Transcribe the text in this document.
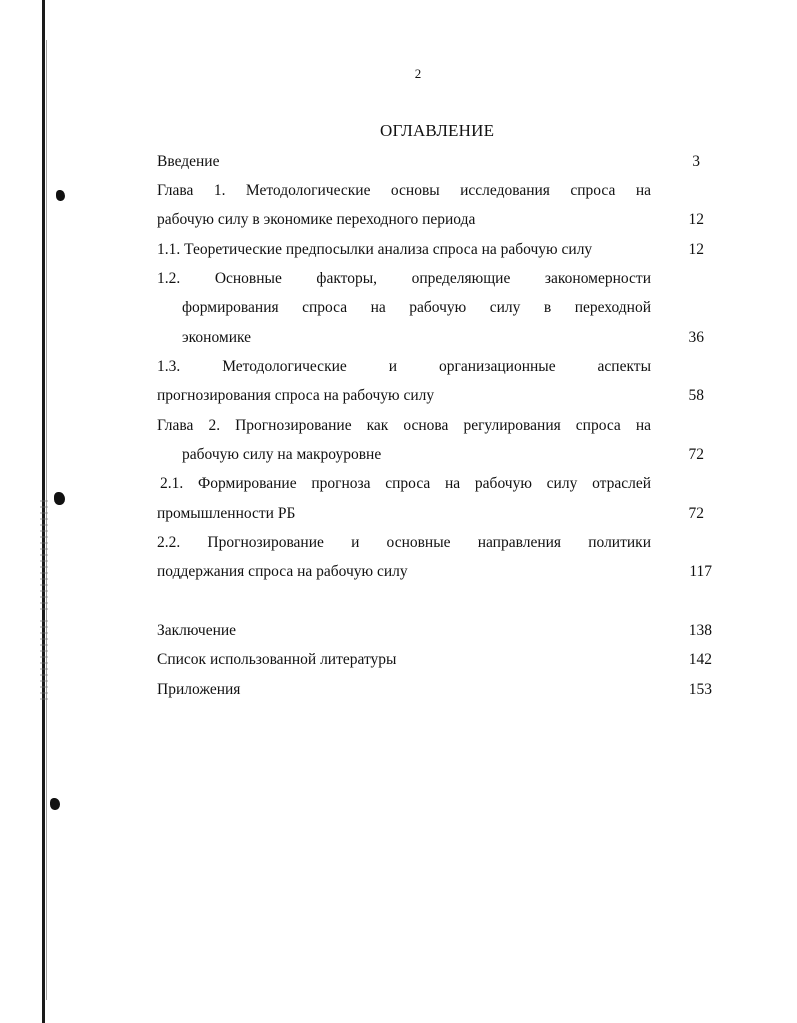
2
ОГЛАВЛЕНИЕ
Введение	3
Глава 1. Методологические основы исследования спроса на
рабочую силу в экономике переходного периода	12
1.1. Теоретические предпосылки анализа спроса на рабочую силу	12
1.2. Основные факторы, определяющие закономерности
формирования спроса на рабочую силу в переходной
экономике	36
1.3. Методологические и организационные аспекты
прогнозирования спроса на рабочую силу	58
Глава 2. Прогнозирование как основа регулирования спроса на
рабочую силу на макроуровне	72
2.1. Формирование прогноза спроса на рабочую силу отраслей
промышленности РБ	72
2.2. Прогнозирование и основные направления политики
поддержания спроса на рабочую силу	117
Заключение	138
Список использованной литературы	142
Приложения	153
